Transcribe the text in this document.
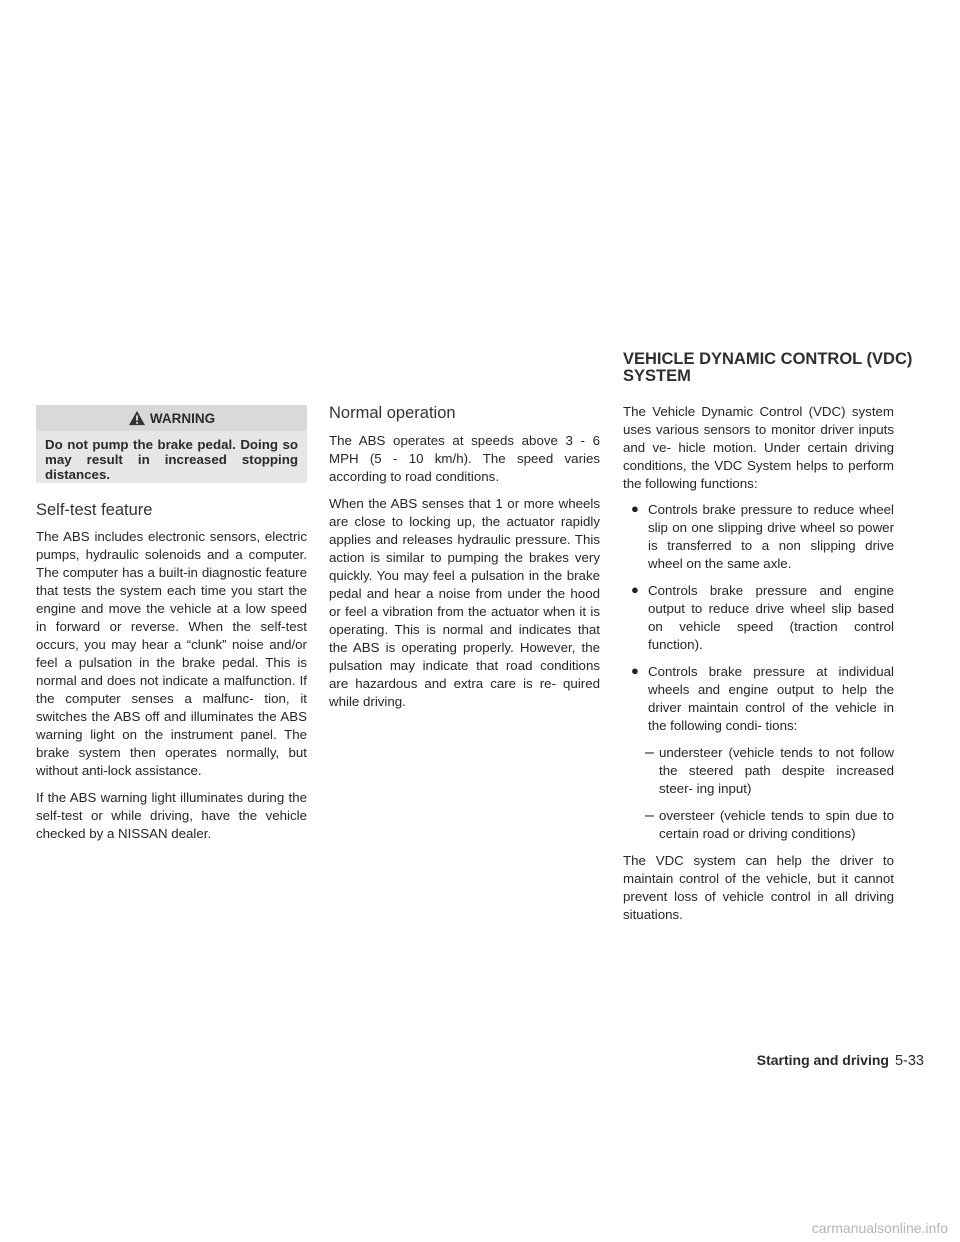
WARNING
Do not pump the brake pedal. Doing so may result in increased stopping distances.
Self-test feature

The ABS includes electronic sensors, electric pumps, hydraulic solenoids and a computer. The computer has a built-in diagnostic feature that tests the system each time you start the engine and move the vehicle at a low speed in forward or reverse. When the self-test occurs, you may hear a “clunk” noise and/or feel a pulsation in the brake pedal. This is normal and does not indicate a malfunction. If the computer senses a malfunc- tion, it switches the ABS off and illuminates the ABS warning light on the instrument panel. The brake system then operates normally, but without anti-lock assistance.

If the ABS warning light illuminates during the self-test or while driving, have the vehicle checked by a NISSAN dealer.

Normal operation

The ABS operates at speeds above 3 - 6 MPH (5 - 10 km/h). The speed varies according to road conditions.

When the ABS senses that 1 or more wheels are close to locking up, the actuator rapidly applies and releases hydraulic pressure. This action is similar to pumping the brakes very quickly. You may feel a pulsation in the brake pedal and hear a noise from under the hood or feel a vibration from the actuator when it is operating. This is normal and indicates that the ABS is operating properly. However, the pulsation may indicate that road conditions are hazardous and extra care is re- quired while driving.

VEHICLE DYNAMIC CONTROL (VDC) SYSTEM

The Vehicle Dynamic Control (VDC) system uses various sensors to monitor driver inputs and ve- hicle motion. Under certain driving conditions, the VDC System helps to perform the following functions:

● Controls brake pressure to reduce wheel slip on one slipping drive wheel so power is transferred to a non slipping drive wheel on the same axle.

● Controls brake pressure and engine output to reduce drive wheel slip based on vehicle speed (traction control function).

● Controls brake pressure at individual wheels and engine output to help the driver maintain control of the vehicle in the following condi- tions:

– understeer (vehicle tends to not follow the steered path despite increased steer- ing input)

– oversteer (vehicle tends to spin due to certain road or driving conditions)

The VDC system can help the driver to maintain control of the vehicle, but it cannot prevent loss of vehicle control in all driving situations.

Starting and driving 5-33
carmanualsonline.info
